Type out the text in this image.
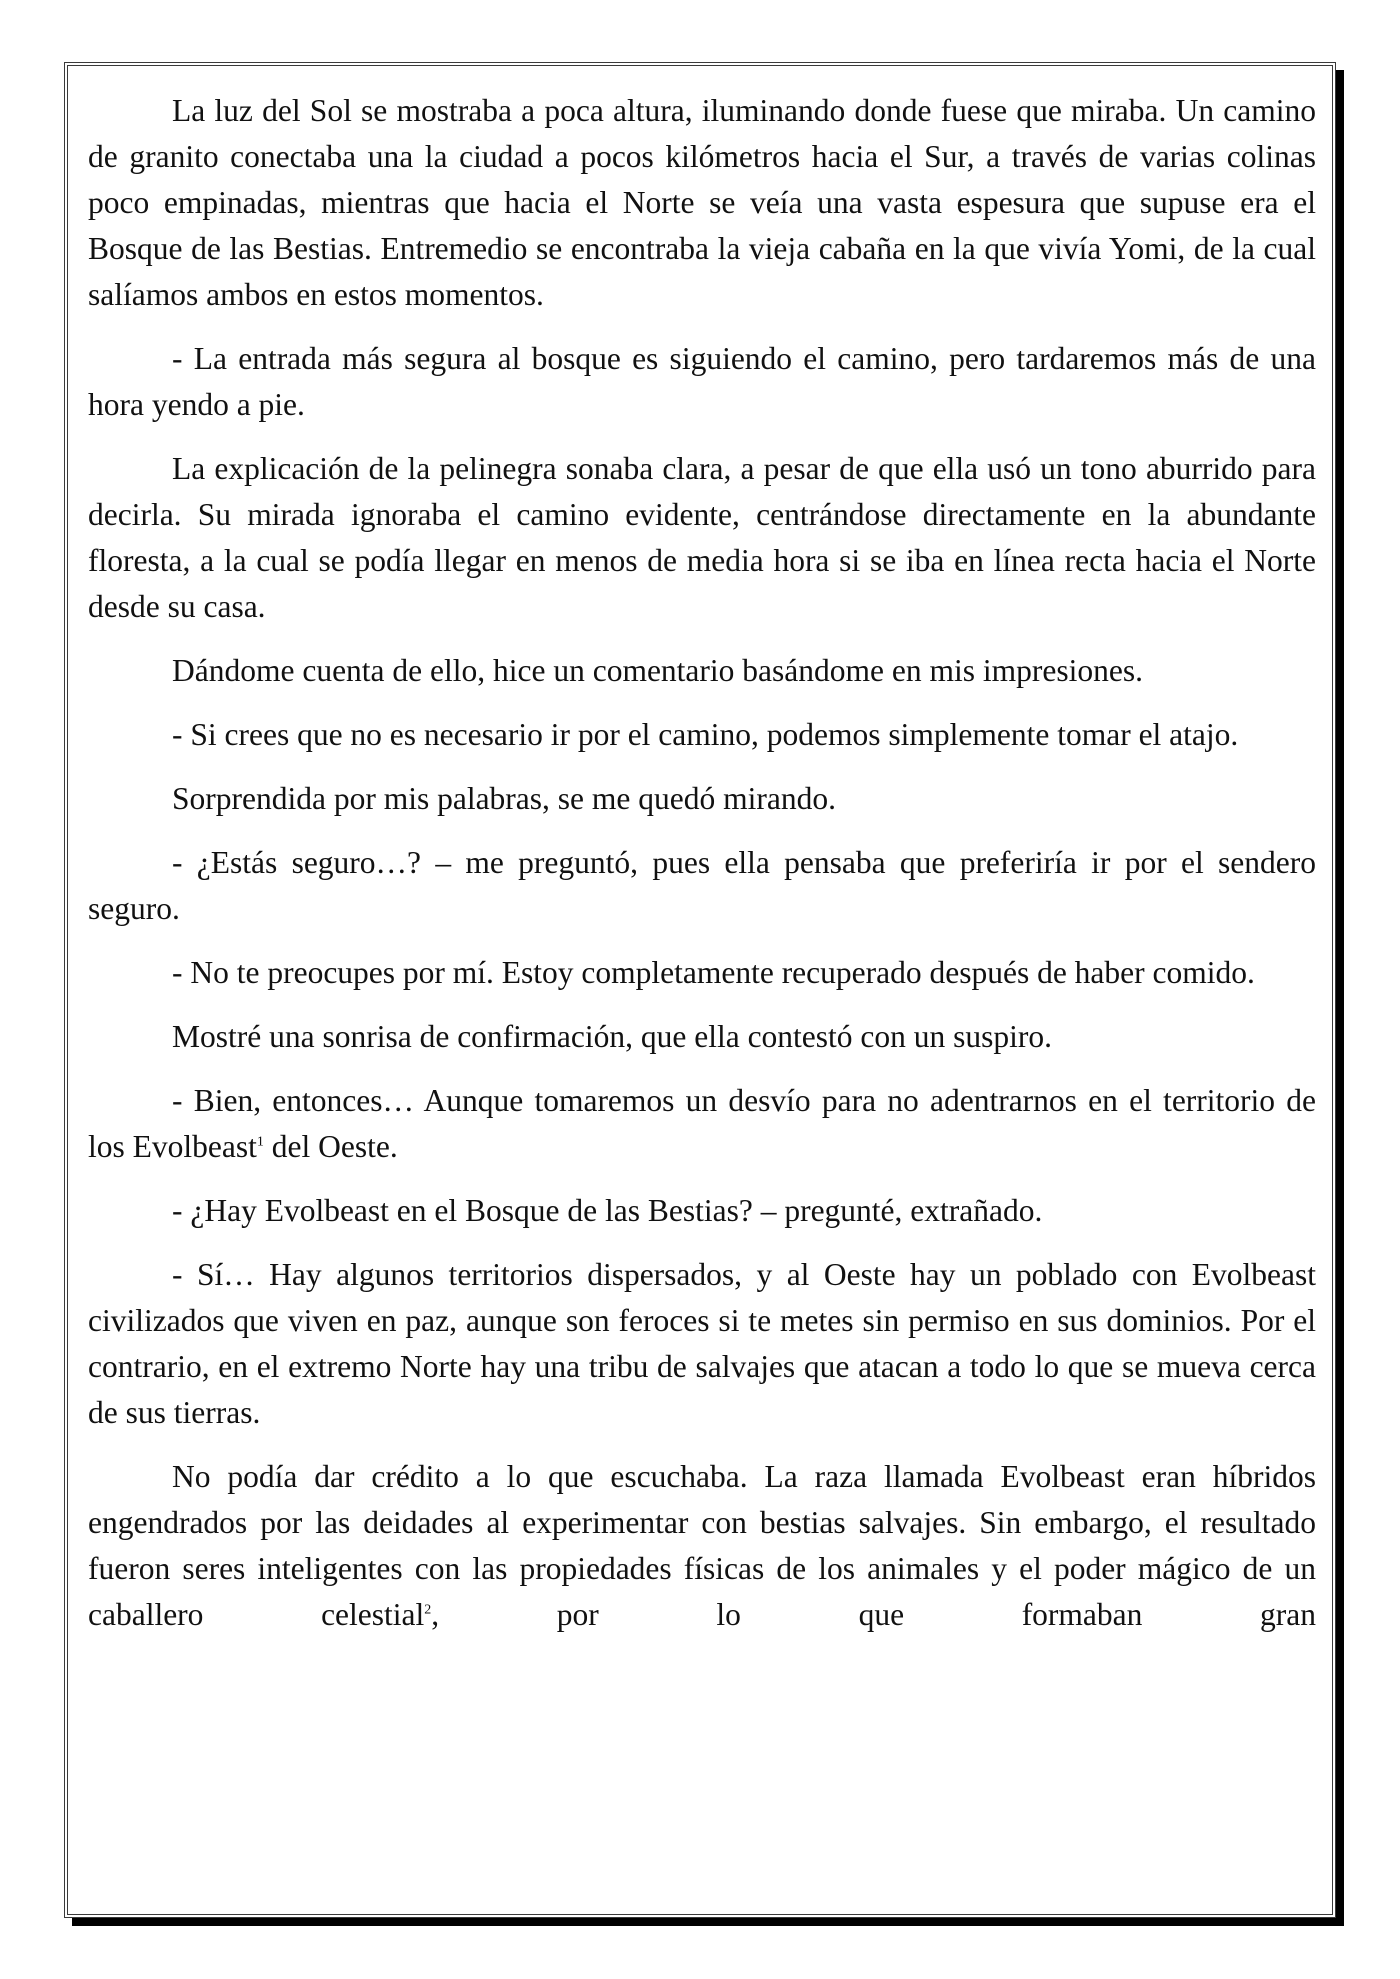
La luz del Sol se mostraba a poca altura, iluminando donde fuese que miraba. Un camino de granito conectaba una la ciudad a pocos kilómetros hacia el Sur, a través de varias colinas poco empinadas, mientras que hacia el Norte se veía una vasta espesura que supuse era el Bosque de las Bestias. Entremedio se encontraba la vieja cabaña en la que vivía Yomi, de la cual salíamos ambos en estos momentos.

- La entrada más segura al bosque es siguiendo el camino, pero tardaremos más de una hora yendo a pie.

La explicación de la pelinegra sonaba clara, a pesar de que ella usó un tono aburrido para decirla. Su mirada ignoraba el camino evidente, centrándose directamente en la abundante floresta, a la cual se podía llegar en menos de media hora si se iba en línea recta hacia el Norte desde su casa.

Dándome cuenta de ello, hice un comentario basándome en mis impresiones.

- Si crees que no es necesario ir por el camino, podemos simplemente tomar el atajo.

Sorprendida por mis palabras, se me quedó mirando.

- ¿Estás seguro…? – me preguntó, pues ella pensaba que preferiría ir por el sendero seguro.

- No te preocupes por mí. Estoy completamente recuperado después de haber comido.

Mostré una sonrisa de confirmación, que ella contestó con un suspiro.

- Bien, entonces… Aunque tomaremos un desvío para no adentrarnos en el territorio de los Evolbeast$^1$ del Oeste.

- ¿Hay Evolbeast en el Bosque de las Bestias? – pregunté, extrañado.

- Sí… Hay algunos territorios dispersados, y al Oeste hay un poblado con Evolbeast civilizados que viven en paz, aunque son feroces si te metes sin permiso en sus dominios. Por el contrario, en el extremo Norte hay una tribu de salvajes que atacan a todo lo que se mueva cerca de sus tierras.

No podía dar crédito a lo que escuchaba. La raza llamada Evolbeast eran híbridos engendrados por las deidades al experimentar con bestias salvajes. Sin embargo, el resultado fueron seres inteligentes con las propiedades físicas de los animales y el poder mágico de un caballero celestial$^2$, por lo que formaban gran
